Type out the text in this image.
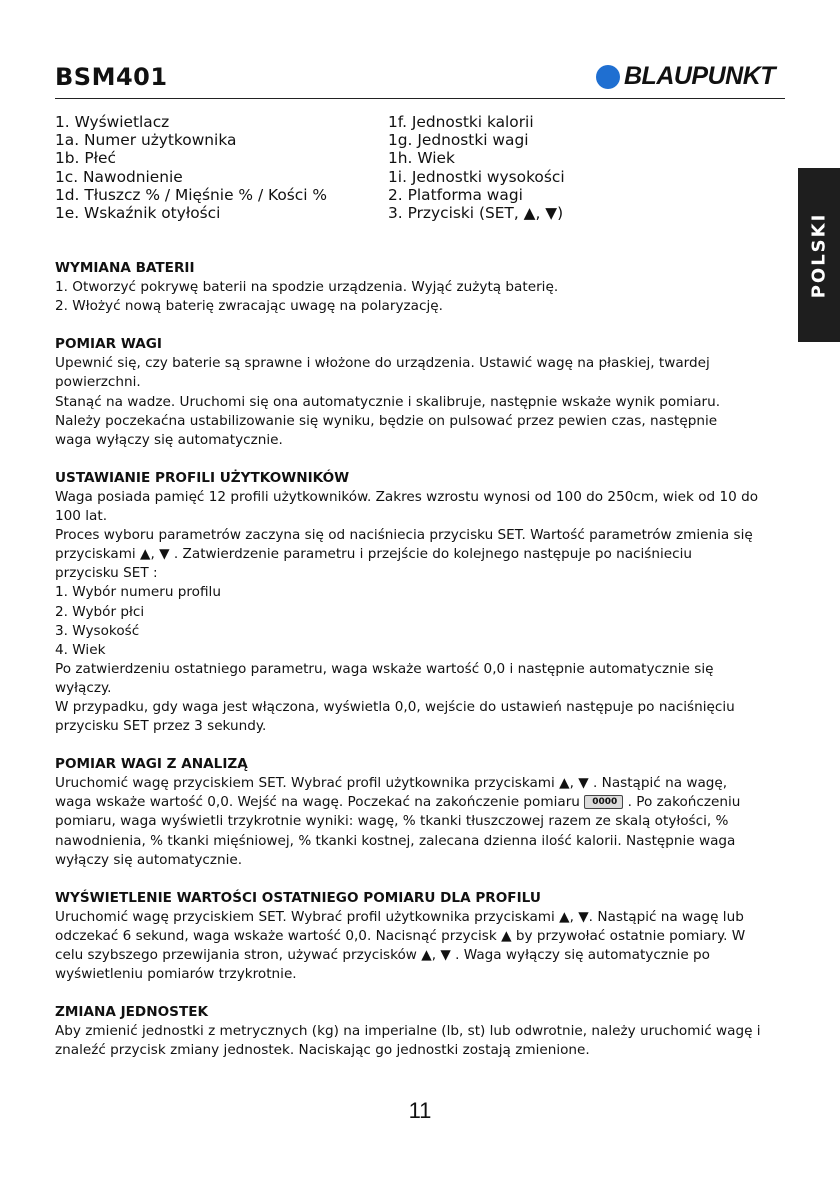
BSM401	BLAUPUNKT
1. Wyświetlacz
1a. Numer użytkownika
1b. Płeć
1c. Nawodnienie
1d. Tłuszcz % / Mięśnie % / Kości %
1e. Wskaźnik otyłości
1f. Jednostki kalorii
1g. Jednostki wagi
1h. Wiek
1i. Jednostki wysokości
2. Platforma wagi
3. Przyciski (SET, ▲, ▼)	POLSKI
WYMIANA BATERII

1. Otworzyć pokrywę baterii na spodzie urządzenia. Wyjąć zużytą baterię.

2. Włożyć nową baterię zwracając uwagę na polaryzację.

POMIAR WAGI

Upewnić się, czy baterie są sprawne i włożone do urządzenia. Ustawić wagę na płaskiej, twardej

powierzchni.

Stanąć na wadze. Uruchomi się ona automatycznie i skalibruje, następnie wskaże wynik pomiaru.

Należy poczekaćna ustabilizowanie się wyniku, będzie on pulsować przez pewien czas, następnie

waga wyłączy się automatycznie.

USTAWIANIE PROFILI UŻYTKOWNIKÓW

Waga posiada pamięć 12 profili użytkowników. Zakres wzrostu wynosi od 100 do 250cm, wiek od 10 do

100 lat.

Proces wyboru parametrów zaczyna się od naciśniecia przycisku SET. Wartość parametrów zmienia się

przyciskami ▲, ▼ . Zatwierdzenie parametru i przejście do kolejnego następuje po naciśnieciu

przycisku SET :

1. Wybór numeru profilu

2. Wybór płci

3. Wysokość

4. Wiek

Po zatwierdzeniu ostatniego parametru, waga wskaże wartość 0,0 i następnie automatycznie się

wyłączy.

W przypadku, gdy waga jest włączona, wyświetla 0,0, wejście do ustawień następuje po naciśnięciu

przycisku SET przez 3 sekundy.

POMIAR WAGI Z ANALIZĄ

Uruchomić wagę przyciskiem SET. Wybrać profil użytkownika przyciskami ▲, ▼ . Nastąpić na wagę,

waga wskaże wartość 0,0. Wejść na wagę. Poczekać na zakończenie pomiaru 0000 . Po zakończeniu

pomiaru, waga wyświetli trzykrotnie wyniki: wagę, % tkanki tłuszczowej razem ze skalą otyłości, %

nawodnienia, % tkanki mięśniowej, % tkanki kostnej, zalecana dzienna ilość kalorii. Następnie waga

wyłączy się automatycznie.

WYŚWIETLENIE WARTOŚCI OSTATNIEGO POMIARU DLA PROFILU

Uruchomić wagę przyciskiem SET. Wybrać profil użytkownika przyciskami ▲, ▼. Nastąpić na wagę lub

odczekać 6 sekund, waga wskaże wartość 0,0. Nacisnąć przycisk ▲ by przywołać ostatnie pomiary. W

celu szybszego przewijania stron, używać przycisków ▲, ▼ . Waga wyłączy się automatycznie po

wyświetleniu pomiarów trzykrotnie.

ZMIANA JEDNOSTEK

Aby zmienić jednostki z metrycznych (kg) na imperialne (lb, st) lub odwrotnie, należy uruchomić wagę i

znaleźć przycisk zmiany jednostek. Naciskając go jednostki zostają zmienione.

11
